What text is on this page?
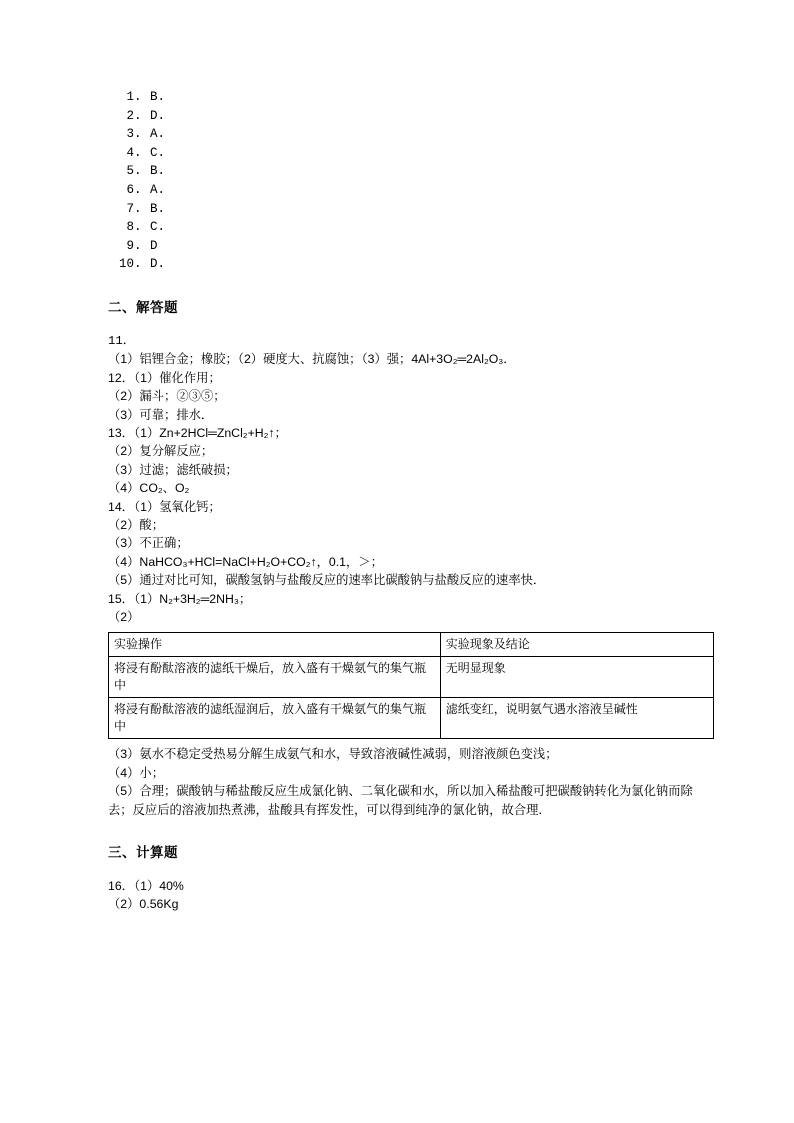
1. B.
2. D.
3. A.
4. C.
5. B.
6. A.
7. B.
8. C.
9. D
10. D.
二、解答题

11．

（1）铝锂合金；橡胶；（2）硬度大、抗腐蚀；（3）强；4Al+3O₂═2Al₂O₃．

12．（1）催化作用；

（2）漏斗；②③⑤；

（3）可靠；排水．

13．（1）Zn+2HCl═ZnCl₂+H₂↑；

（2）复分解反应；

（3）过滤；滤纸破损；

（4）CO₂、O₂

14．（1）氢氧化钙；

（2）酸；

（3）不正确；

（4）NaHCO₃+HCl=NaCl+H₂O+CO₂↑，0.1，＞；

（5）通过对比可知，碳酸氢钠与盐酸反应的速率比碳酸钠与盐酸反应的速率快．

15．（1）N₂+3H₂═2NH₃；

（2）

实验操作	实验现象及结论
将浸有酚酞溶液的滤纸干燥后，放入盛有干燥氨气的集气瓶中	无明显现象
将浸有酚酞溶液的滤纸湿润后，放入盛有干燥氨气的集气瓶中	滤纸变红，说明氨气遇水溶液呈碱性

（3）氨水不稳定受热易分解生成氨气和水，导致溶液碱性减弱，则溶液颜色变浅；

（4）小；

（5）合理；碳酸钠与稀盐酸反应生成氯化钠、二氧化碳和水，所以加入稀盐酸可把碳酸钠转化为氯化钠而除去；反应后的溶液加热煮沸，盐酸具有挥发性，可以得到纯净的氯化钠，故合理．

三、计算题

16．（1）40%

（2）0.56Kg
